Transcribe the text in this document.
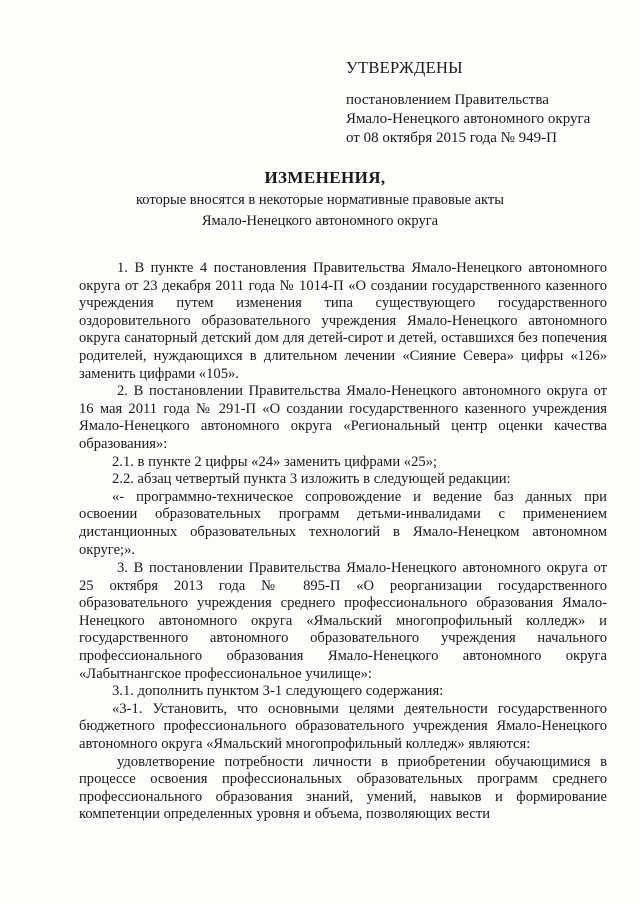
УТВЕРЖДЕНЫ
постановлением Правительства
Ямало-Ненецкого автономного округа
от 08 октября 2015 года № 949-П
ИЗМЕНЕНИЯ,
которые вносятся в некоторые нормативные правовые акты
Ямало-Ненецкого автономного округа

1. В пункте 4 постановления Правительства Ямало-Ненецкого автономного округа от 23 декабря 2011 года № 1014-П «О создании государственного казенного учреждения путем изменения типа существующего государственного оздоровительного образовательного учреждения Ямало-Ненецкого автономного округа санаторный детский дом для детей-сирот и детей, оставшихся без попечения родителей, нуждающихся в длительном лечении «Сияние Севера» цифры «126» заменить цифрами «105».

2. В постановлении Правительства Ямало-Ненецкого автономного округа от 16 мая 2011 года № 291-П «О создании государственного казенного учреждения Ямало-Ненецкого автономного округа «Региональный центр оценки качества образования»:

2.1. в пункте 2 цифры «24» заменить цифрами «25»;

2.2. абзац четвертый пункта 3 изложить в следующей редакции:

«- программно-техническое сопровождение и ведение баз данных при освоении образовательных программ детьми-инвалидами с применением дистанционных образовательных технологий в Ямало-Ненецком автономном округе;».

3. В постановлении Правительства Ямало-Ненецкого автономного округа от 25 октября 2013 года № 895-П «О реорганизации государственного образовательного учреждения среднего профессионального образования Ямало-Ненецкого автономного округа «Ямальский многопрофильный колледж» и государственного автономного образовательного учреждения начального профессионального образования Ямало-Ненецкого автономного округа «Лабытнангское профессиональное училище»:

3.1. дополнить пунктом 3-1 следующего содержания:

«3-1. Установить, что основными целями деятельности государственного бюджетного профессионального образовательного учреждения Ямало-Ненецкого автономного округа «Ямальский многопрофильный колледж» являются:

удовлетворение потребности личности в приобретении обучающимися в процессе освоения профессиональных образовательных программ среднего профессионального образования знаний, умений, навыков и формирование компетенции определенных уровня и объема, позволяющих вести
